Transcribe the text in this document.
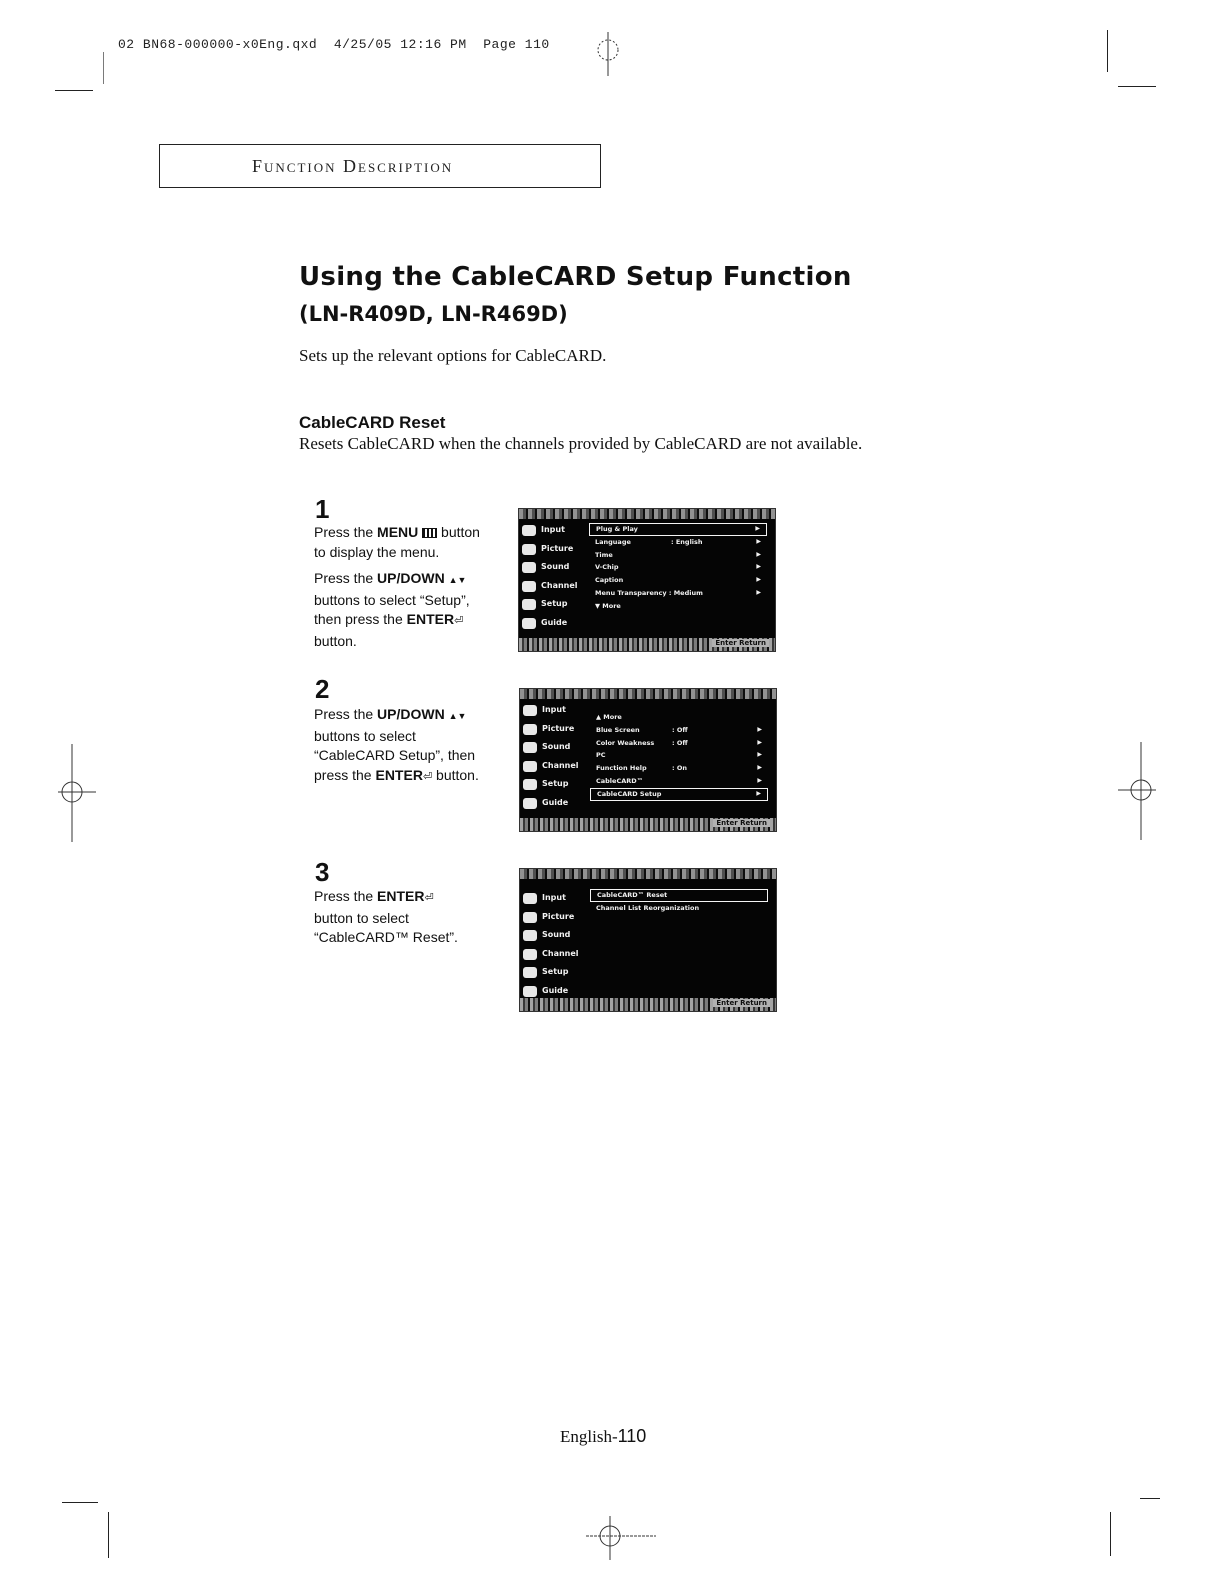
02 BN68-000000-x0Eng.qxd  4/25/05 12:16 PM  Page 110
Function Description
Using the CableCARD Setup Function
(LN-R409D, LN-R469D)
Sets up the relevant options for CableCARD.
CableCARD Reset
Resets CableCARD when the channels provided by CableCARD are not available.
1

Press the MENU  button
to display the menu.

Press the UP/DOWN ▲▼
buttons to select “Setup”,
then press the ENTER⏎
button.

Input
Picture
Sound
Channel
Setup
Guide
Plug & Play	▶
Language	: English	▶
Time	▶
V-Chip	▶
Caption	▶
Menu Transparency : Medium	▶
▼ More
Enter Return
2

Press the UP/DOWN ▲▼
buttons to select
“CableCARD Setup”, then
press the ENTER⏎ button.

Input
Picture
Sound
Channel
Setup
Guide
▲ More
Blue Screen	: Off	▶
Color Weakness	: Off	▶
PC	▶
Function Help	: On	▶
CableCARD™	▶
CableCARD Setup	▶
Enter Return
3

Press the ENTER⏎
button to select
“CableCARD™ Reset”.

Input
Picture
Sound
Channel
Setup
Guide
CableCARD™ Reset
Channel List Reorganization
Enter Return
English-110
